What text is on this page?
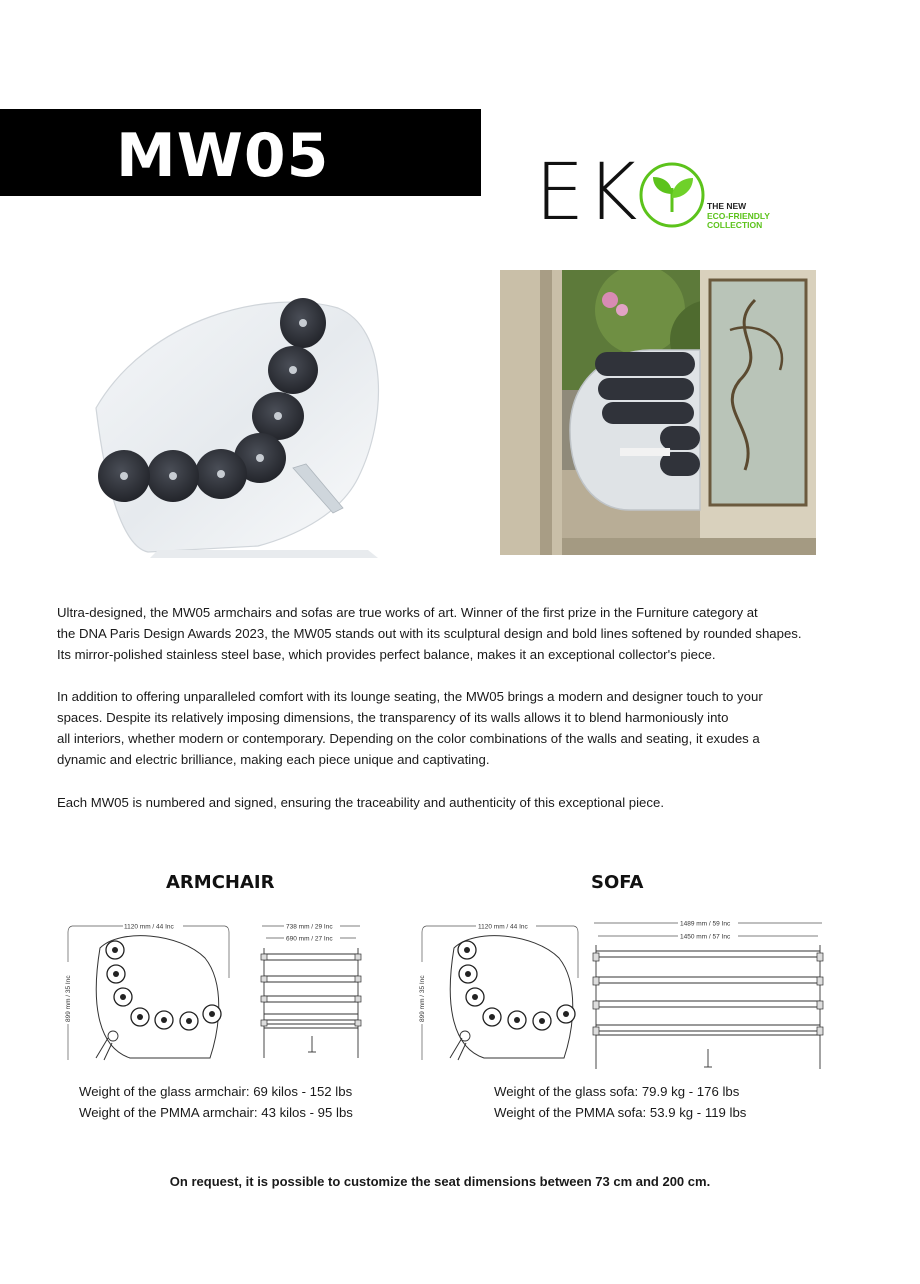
MW05	EK	THE NEW
ECO-FRIENDLY
COLLECTION

Ultra-designed, the MW05 armchairs and sofas are true works of art. Winner of the first prize in the Furniture category at
the DNA Paris Design Awards 2023, the MW05 stands out with its sculptural design and bold lines softened by rounded shapes.
Its mirror-polished stainless steel base, which provides perfect balance, makes it an exceptional collector's piece.

In addition to offering unparalleled comfort with its lounge seating, the MW05 brings a modern and designer touch to your
spaces. Despite its relatively imposing dimensions, the transparency of its walls allows it to blend harmoniously into
all interiors, whether modern or contemporary. Depending on the color combinations of the walls and seating, it exudes a
dynamic and electric brilliance, making each piece unique and captivating.

Each MW05 is numbered and signed, ensuring the traceability and authenticity of this exceptional piece.

ARMCHAIR	SOFA
1120 mm / 44 Inc
899 mm / 35 Inc
738 mm / 29 Inc
690 mm / 27 Inc
1120 mm / 44 Inc
899 mm / 35 Inc
1489 mm / 59 Inc
1450 mm / 57 Inc
Weight of the glass armchair: 69 kilos - 152 lbs
Weight of the PMMA armchair: 43 kilos - 95 lbs
Weight of the glass sofa: 79.9 kg - 176 lbs
Weight of the PMMA sofa: 53.9 kg - 119 lbs
On request, it is possible to customize the seat dimensions between 73 cm and 200 cm.
